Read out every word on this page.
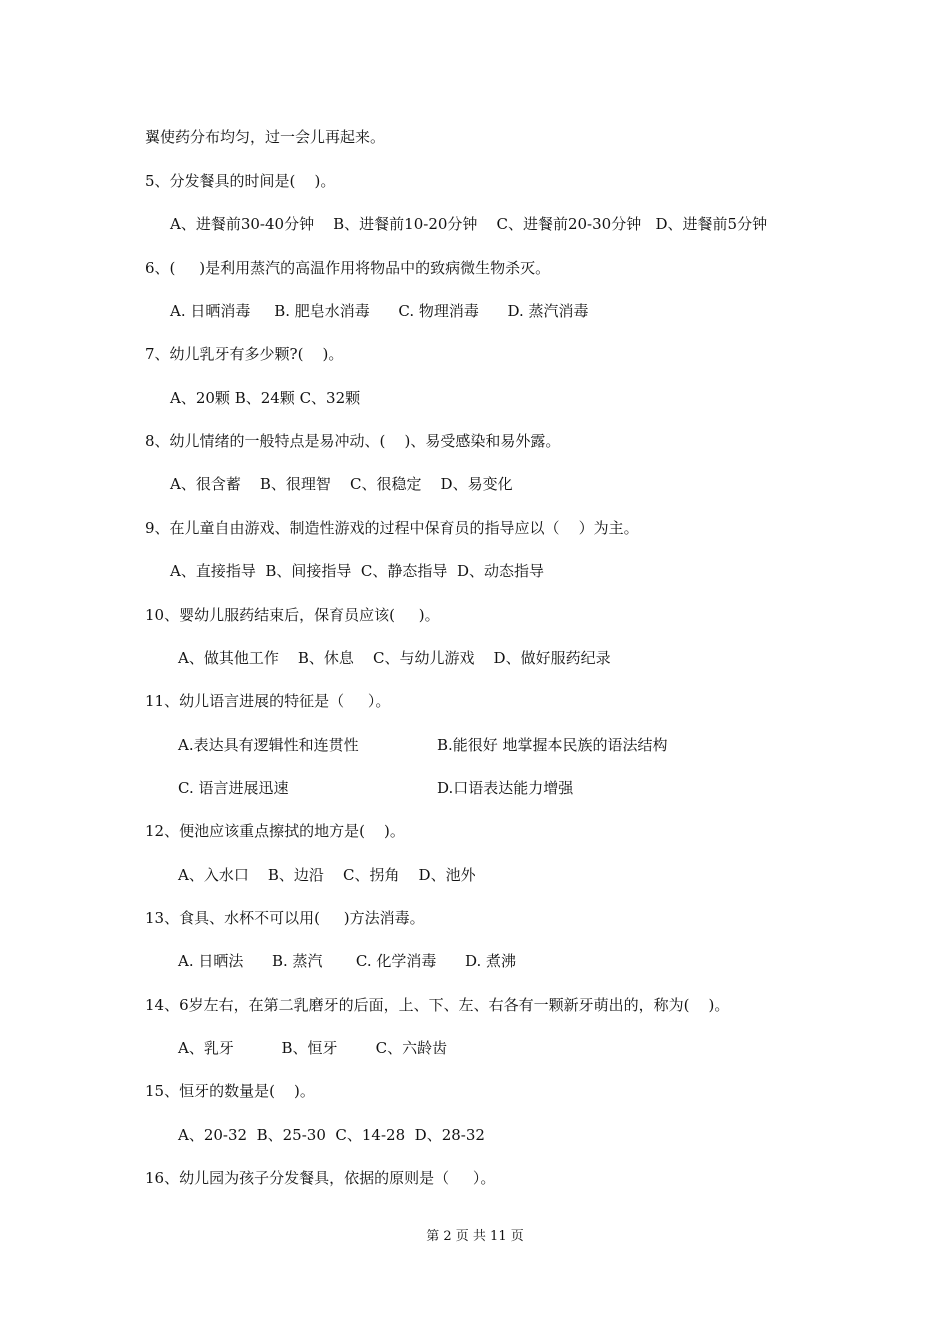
翼使药分布均匀，过一会儿再起来。
5、分发餐具的时间是(    )。
A、进餐前30-40分钟    B、进餐前10-20分钟    C、进餐前20-30分钟   D、进餐前5分钟
6、(     )是利用蒸汽的高温作用将物品中的致病微生物杀灭。
A. 日晒消毒     B. 肥皂水消毒      C. 物理消毒      D. 蒸汽消毒
7、幼儿乳牙有多少颗?(    )。
A、20颗 B、24颗 C、32颗
8、幼儿情绪的一般特点是易冲动、(    )、易受感染和易外露。
A、很含蓄    B、很理智    C、很稳定    D、易变化
9、在儿童自由游戏、制造性游戏的过程中保育员的指导应以（    ）为主。
A、直接指导  B、间接指导  C、静态指导  D、动态指导
10、婴幼儿服药结束后，保育员应该(     )。
A、做其他工作    B、休息    C、与幼儿游戏    D、做好服药纪录
11、幼儿语言进展的特征是（     ）。
A.表达具有逻辑性和连贯性	B.能很好 地掌握本民族的语法结构
C. 语言进展迅速	D.口语表达能力增强
12、便池应该重点擦拭的地方是(    )。
A、入水口    B、边沿    C、拐角    D、池外
13、食具、水杯不可以用(     )方法消毒。
A. 日晒法      B. 蒸汽       C. 化学消毒      D. 煮沸
14、6岁左右，在第二乳磨牙的后面，上、下、左、右各有一颗新牙萌出的，称为(    )。
A、乳牙          B、恒牙        C、六龄齿
15、恒牙的数量是(    )。
A、20-32  B、25-30  C、14-28  D、28-32
16、幼儿园为孩子分发餐具，依据的原则是（     ）。
第 2 页 共 11 页
